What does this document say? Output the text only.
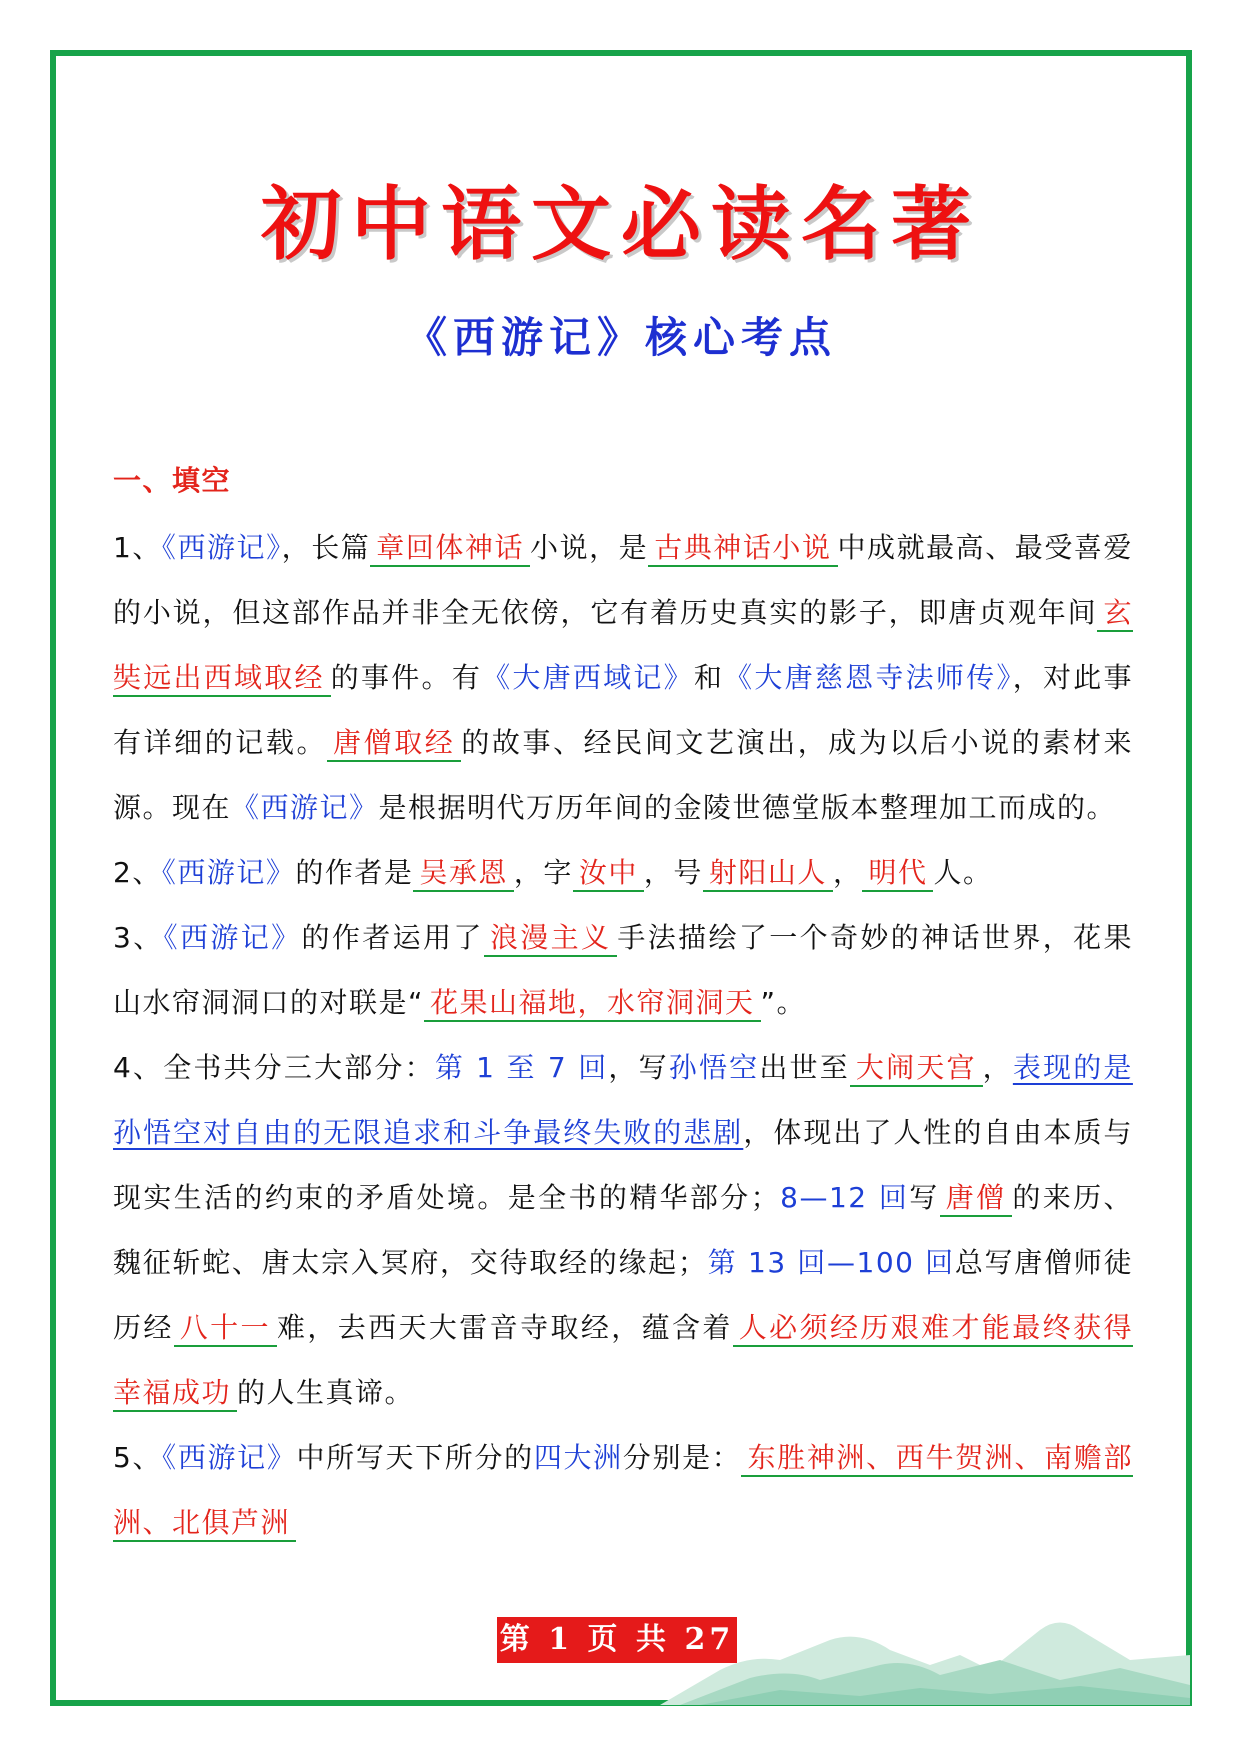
初中语文必读名著
《西游记》核心考点
一、填空
1、《西游记》，长篇 章回体神话 小说，是 古典神话小说 中成就最高、最受喜爱的小说，但这部作品并非全无依傍，它有着历史真实的影子，即唐贞观年间 玄奘远出西域取经 的事件。有《大唐西域记》和《大唐慈恩寺法师传》，对此事有详细的记载。 唐僧取经 的故事、经民间文艺演出，成为以后小说的素材来源。现在《西游记》是根据明代万历年间的金陵世德堂版本整理加工而成的。
2、《西游记》的作者是 吴承恩 ，字 汝中 ，号 射阳山人 ， 明代 人。
3、《西游记》的作者运用了 浪漫主义 手法描绘了一个奇妙的神话世界，花果山水帘洞洞口的对联是“ 花果山福地，水帘洞洞天 ”。
4、全书共分三大部分：第 1 至 7 回，写孙悟空出世至 大闹天宫 ，表现的是孙悟空对自由的无限追求和斗争最终失败的悲剧，体现出了人性的自由本质与现实生活的约束的矛盾处境。是全书的精华部分；8—12 回写 唐僧 的来历、魏征斩蛇、唐太宗入冥府，交待取经的缘起；第 13 回—100 回总写唐僧师徒历经 八十一 难，去西天大雷音寺取经，蕴含着 人必须经历艰难才能最终获得幸福成功 的人生真谛。
5、《西游记》中所写天下所分的四大洲分别是： 东胜神洲、西牛贺洲、南赡部洲、北俱芦洲
第 1 页 共 27 页
